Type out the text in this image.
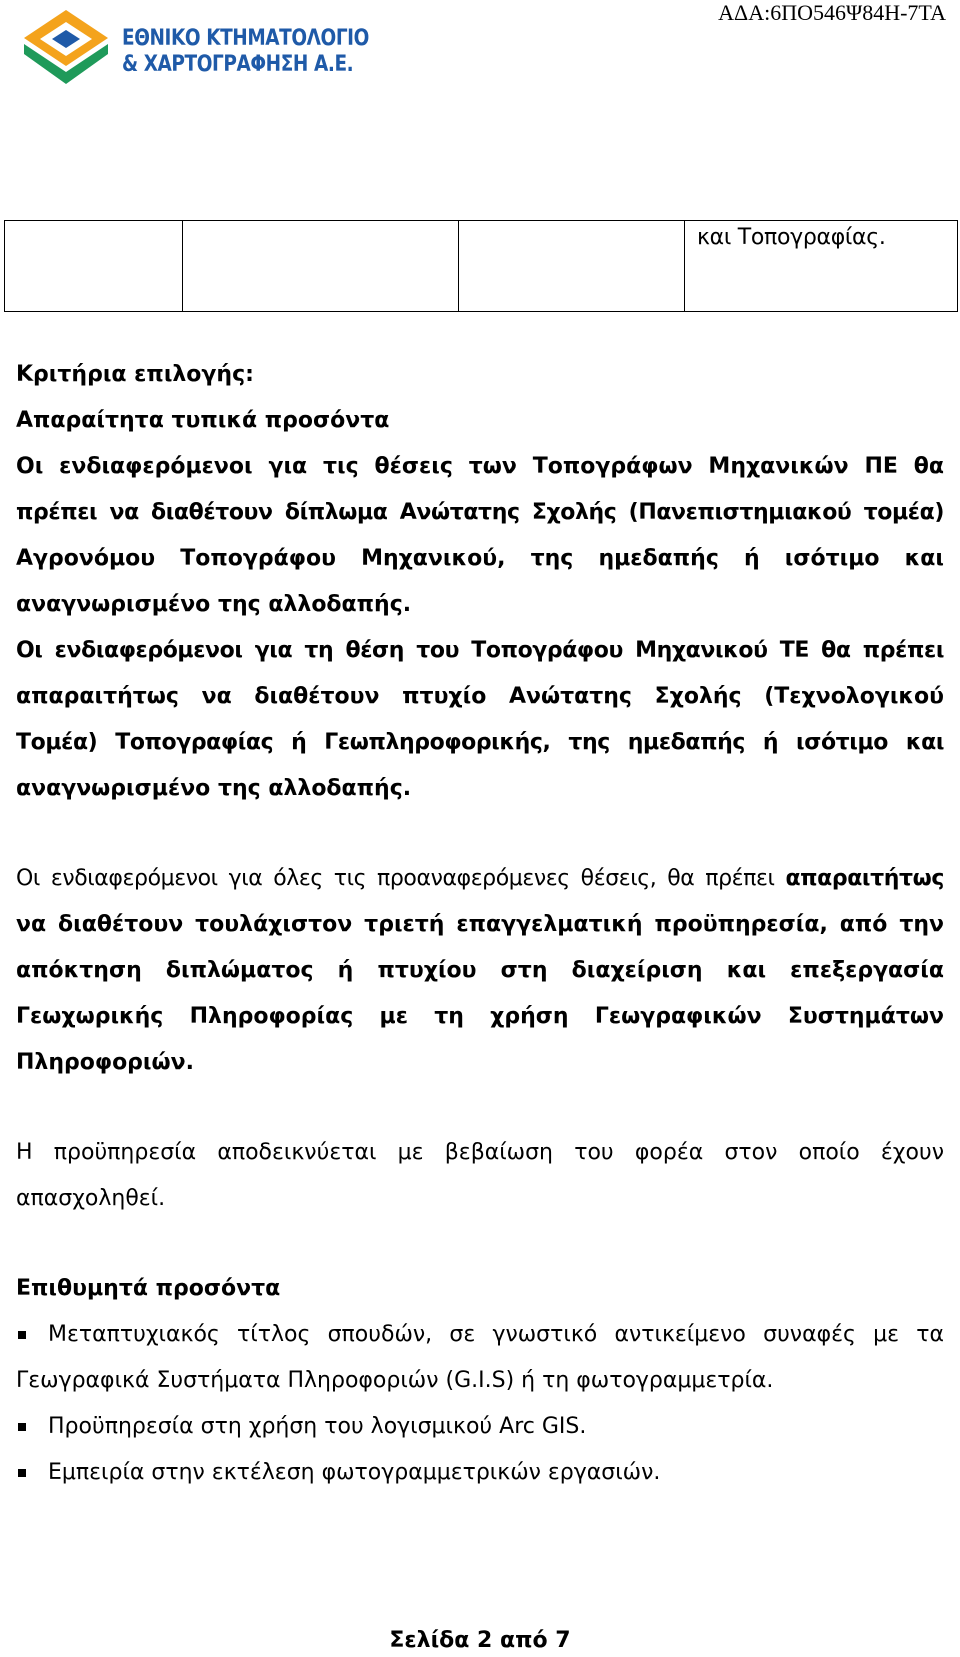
ΕΘΝΙΚΟ ΚΤΗΜΑΤΟΛΟΓΙΟ
& ΧΑΡΤΟΓΡΑΦΗΣΗ Α.Ε.
ΑΔΑ:6ΠΟ546Ψ84Η-7ΤΑ
			και Τοπογραφίας.
Κριτήρια επιλογής:
Απαραίτητα τυπικά προσόντα
Οι ενδιαφερόμενοι για τις θέσεις των Τοπογράφων Μηχανικών ΠΕ θα
πρέπει να διαθέτουν δίπλωμα Ανώτατης Σχολής (Πανεπιστημιακού τομέα)
Αγρονόμου Τοπογράφου Μηχανικού, της ημεδαπής ή ισότιμο και
αναγνωρισμένο της αλλοδαπής.
Οι ενδιαφερόμενοι για τη θέση του Τοπογράφου Μηχανικού ΤΕ θα πρέπει
απαραιτήτως να διαθέτουν πτυχίο Ανώτατης Σχολής (Τεχνολογικού
Τομέα) Τοπογραφίας ή Γεωπληροφορικής, της ημεδαπής ή ισότιμο και
αναγνωρισμένο της αλλοδαπής.
Οι ενδιαφερόμενοι για όλες τις προαναφερόμενες θέσεις, θα πρέπει απαραιτήτως
να διαθέτουν τουλάχιστον τριετή επαγγελματική προϋπηρεσία, από την
απόκτηση διπλώματος ή πτυχίου στη διαχείριση και επεξεργασία
Γεωχωρικής Πληροφορίας με τη χρήση Γεωγραφικών Συστημάτων
Πληροφοριών.
Η προϋπηρεσία αποδεικνύεται με βεβαίωση του φορέα στον οποίο έχουν
απασχοληθεί.
Επιθυμητά προσόντα
Μεταπτυχιακός τίτλος σπουδών, σε γνωστικό αντικείμενο συναφές με τα
Γεωγραφικά Συστήματα Πληροφοριών (G.I.S) ή τη φωτογραμμετρία.
Προϋπηρεσία στη χρήση του λογισμικού Arc GIS.
Εμπειρία στην εκτέλεση φωτογραμμετρικών εργασιών.
Σελίδα 2 από 7
